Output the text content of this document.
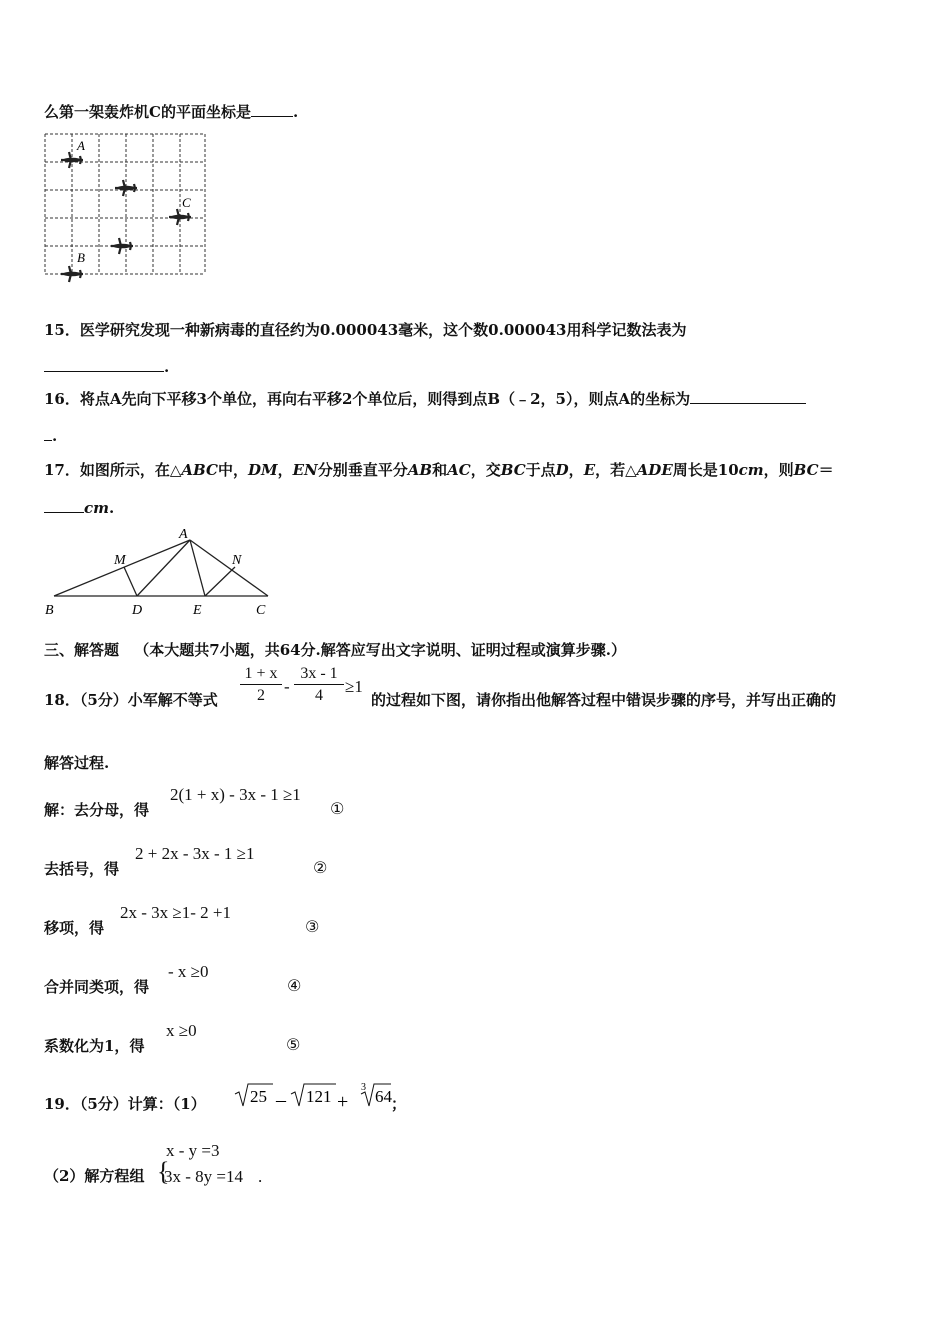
么第一架轰炸机C的平面坐标是	.
A
C
B
15．医学研究发现一种新病毒的直径约为0.000043毫米，这个数0.000043用科学记数法表为
.
16．将点A先向下平移3个单位，再向右平移2个单位后，则得到点B（﹣2，5），则点A的坐标为
.
17．如图所示，在△ABC中，DM，EN分别垂直平分AB和AC，交BC于点D，E，若△ADE周长是10cm，则BC＝
cm.
A
M	N
B	D	E	C
三、解答题 （本大题共7小题，共64分.解答应写出文字说明、证明过程或演算步骤.）
18．（5分）小军解不等式
1 + x
2	-
3x - 1
4	≥1
的过程如下图，请你指出他解答过程中错误步骤的序号，并写出正确的
解答过程.
解：去分母，得
2(1 + x) - 3x - 1 ≥1
①
去括号，得
2 + 2x - 3x - 1 ≥1
②
移项，得
2x - 3x ≥1- 2 +1
③
合并同类项，得
- x ≥0
④
系数化为1，得
x ≥0
⑤
19．（5分）计算：（1）	25 – 121 +
3 64 ；
（2）解方程组 {
x - y =3
3x - 8y =14 .
